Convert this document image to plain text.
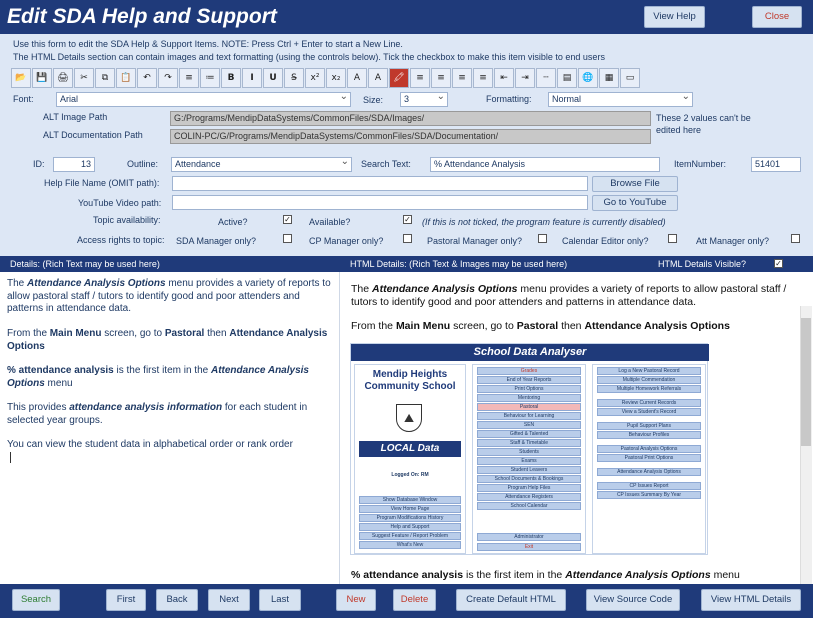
Edit SDA Help and Support	View Help	Close
Use this form to edit the SDA Help & Support Items. NOTE: Press Ctrl + Enter to start a New Line.
The HTML Details section can contain images and text formatting (using the controls below). Tick the checkbox to make this item visible to end users
📂	💾	🖨	✂	⧉	📋	↶	↷	≡	≔	B	I	U	S̶	x²	x₂	A	A	🖍	≡	≡	≡	≡	⇤	⇥	┄	▤	🌐	▦	▭
Font:	Arial ⌄	Size:	3 ⌄	Formatting:	Normal ⌄
ALT Image Path	G:/Programs/MendipDataSystems/CommonFiles/SDA/Images/
ALT Documentation Path	COLIN-PC/G/Programs/MendipDataSystems/CommonFiles/SDA/Documentation/
These 2 values can't be edited here
ID:	13	Outline:	Attendance ⌄	Search Text:	% Attendance Analysis	ItemNumber:	51401
Help File Name (OMIT path):	Browse File
YouTube Video path:	Go to YouTube
Topic availability:	Active?	✓ Available?	✓ (If this is not ticked, the program feature is currently disabled)
Access rights to topic: SDA Manager only?	CP Manager only?	Pastoral Manager only?	Calendar Editor only?	Att Manager only?
Details: (Rich Text may be used here)	HTML Details: (Rich Text & Images may be used here)	HTML Details Visible?	✓
The Attendance Analysis Options menu provides a variety of reports to allow pastoral staff / tutors to identify good and poor attenders and patterns in attendance data.
From the Main Menu screen, go to Pastoral then Attendance Analysis Options
% attendance analysis is the first item in the Attendance Analysis Options menu
This provides attendance analysis information for each student in selected year groups.
You can view the student data in alphabetical order or rank order
The Attendance Analysis Options menu provides a variety of reports to allow pastoral staff / tutors to identify good and poor attenders and patterns in attendance data.
From the Main Menu screen, go to Pastoral then Attendance Analysis Options
School Data Analyser
Mendip Heights Community School
⛰
LOCAL Data
Logged On: RM
Show Database Window
View Home Page
Program Modifications History
Help and Support
Suggest Feature / Report Problem
What's New
Grades
End of Year Reports
Print Options
Mentoring
Pastoral
Behaviour for Learning
SEN
Gifted & Talented
Staff & Timetable
Students
Exams
Student Leavers
School Documents & Bookings
Program Help Files
Attendance Registers
School Calendar
Administrator
Exit
Log a New Pastoral Record
Multiple Commendation
Multiple Homework Referrals
Review Current Records
View a Student's Record
Pupil Support Plans
Behaviour Profiles
Pastoral Analysis Options
Pastoral Print Options
Attendance Analysis Options
CP Issues Report
CP Issues Summary By Year
% attendance analysis is the first item in the Attendance Analysis Options menu
Search	First	Back	Next	Last	New	Delete	Create Default HTML	View Source Code	View HTML Details
